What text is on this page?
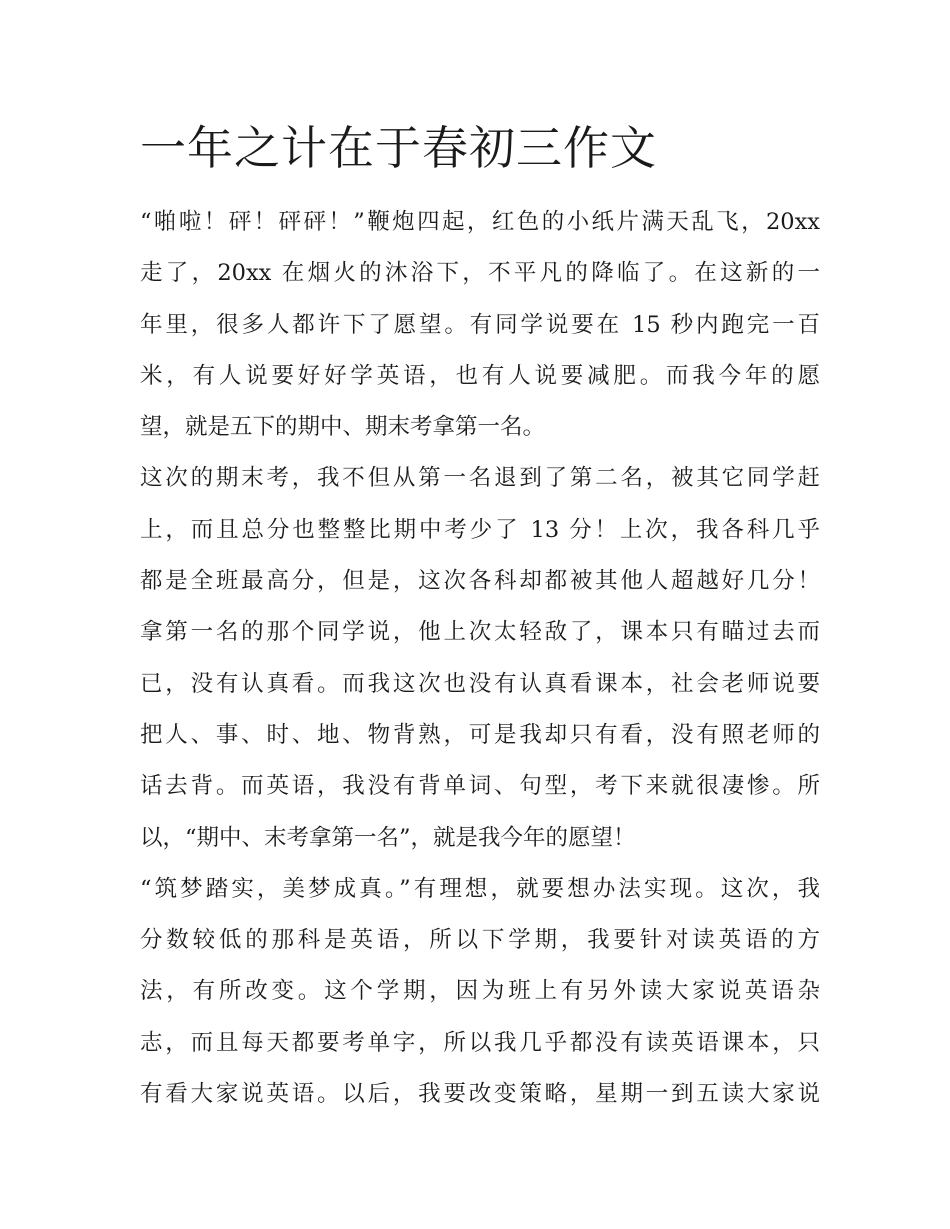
一年之计在于春初三作文
“啪啦！砰！砰砰！”鞭炮四起，红色的小纸片满天乱飞，20xx
走了，20xx 在烟火的沐浴下，不平凡的降临了。在这新的一
年里，很多人都许下了愿望。有同学说要在 15 秒内跑完一百
米，有人说要好好学英语，也有人说要减肥。而我今年的愿
望，就是五下的期中、期末考拿第一名。
这次的期末考，我不但从第一名退到了第二名，被其它同学赶
上，而且总分也整整比期中考少了 13 分！上次，我各科几乎
都是全班最高分，但是，这次各科却都被其他人超越好几分！
拿第一名的那个同学说，他上次太轻敌了，课本只有瞄过去而
已，没有认真看。而我这次也没有认真看课本，社会老师说要
把人、事、时、地、物背熟，可是我却只有看，没有照老师的
话去背。而英语，我没有背单词、句型，考下来就很凄惨。所
以，“期中、末考拿第一名”，就是我今年的愿望！
“筑梦踏实，美梦成真。”有理想，就要想办法实现。这次，我
分数较低的那科是英语，所以下学期，我要针对读英语的方
法，有所改变。这个学期，因为班上有另外读大家说英语杂
志，而且每天都要考单字，所以我几乎都没有读英语课本，只
有看大家说英语。以后，我要改变策略，星期一到五读大家说
